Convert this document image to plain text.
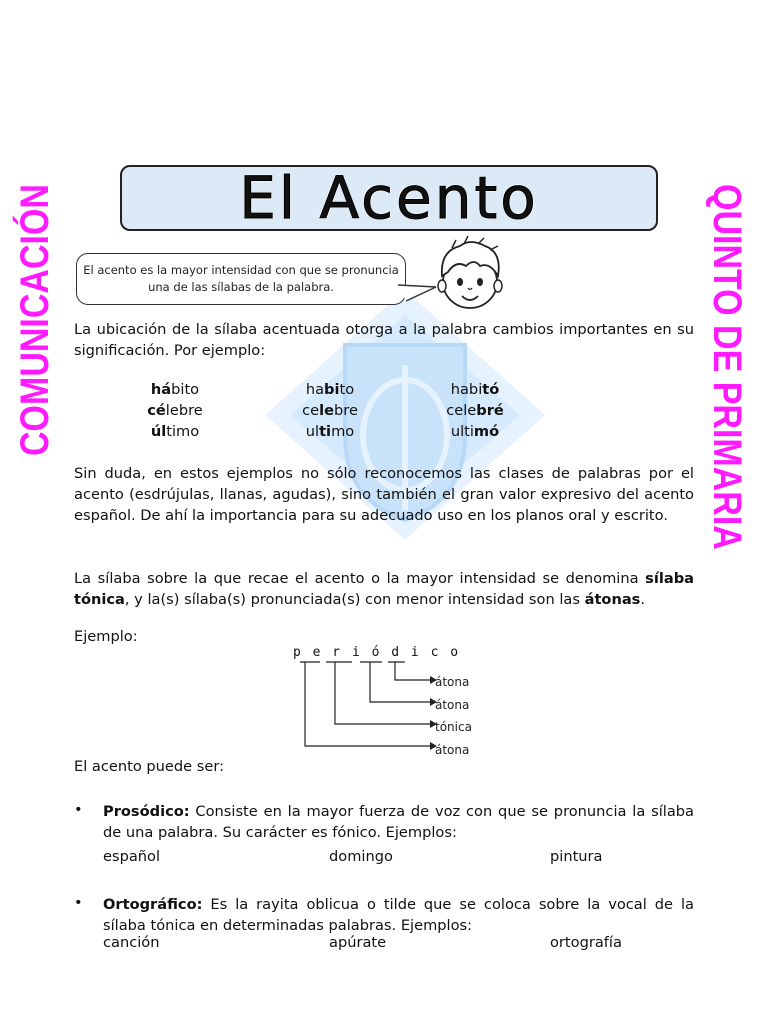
COMUNICACIÓN	QUINTO DE PRIMARIA
El Acento
El acento es la mayor intensidad con que se pronuncia
una de las sílabas de la palabra.
La ubicación de la sílaba acentuada otorga a la palabra cambios importantes en su significación. Por ejemplo:
hábito	habito	habitó
célebre	celebre	celebré
último	ultimo	ultimó
Sin duda, en estos ejemplos no sólo reconocemos las clases de palabras por el acento (esdrújulas, llanas, agudas), sino también el gran valor expresivo del acento español. De ahí la importancia para su adecuado uso en los planos oral y escrito.
La sílaba sobre la que recae el acento o la mayor intensidad se denomina sílaba tónica, y la(s) sílaba(s) pronunciada(s) con menor intensidad son las átonas.
Ejemplo:
p e r i ó d i c o
átona
átona
tónica
átona
El acento puede ser:
• Prosódico: Consiste en la mayor fuerza de voz con que se pronuncia la sílaba de una palabra. Su carácter es fónico. Ejemplos:
español	domingo	pintura
• Ortográfico: Es la rayita oblicua o tilde que se coloca sobre la vocal de la sílaba tónica en determinadas palabras. Ejemplos:
canción	apúrate	ortografía
